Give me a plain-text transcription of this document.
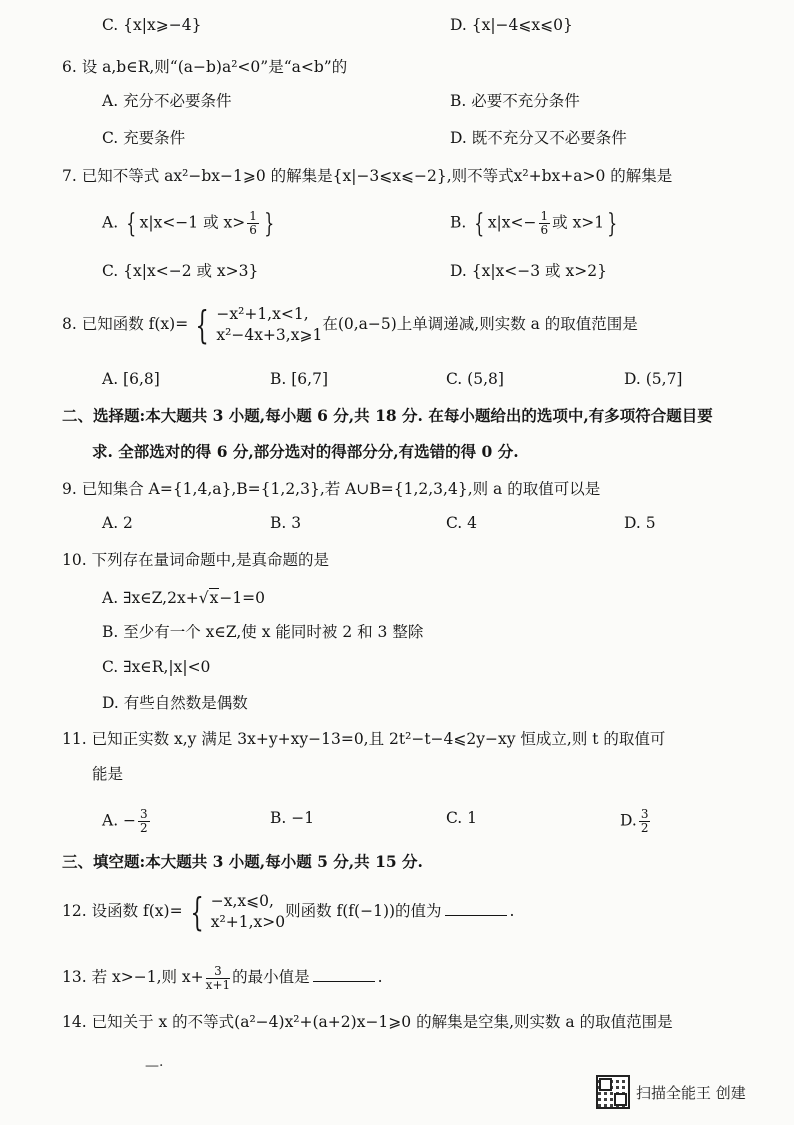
C. {x|x⩾−4}	D. {x|−4⩽x⩽0}
6. 设 a,b∈R,则“(a−b)a²<0”是“a<b”的
A. 充分不必要条件	B. 必要不充分条件
C. 充要条件	D. 既不充分又不必要条件
7. 已知不等式 ax²−bx−1⩾0 的解集是{x|−3⩽x⩽−2},则不等式x²+bx+a>0 的解集是
A. { x|x<−1 或 $x> \frac{1}{6}$ }	B. { $x|x<- \frac{1}{6}$ 或 x>1 }
C. {x|x<−2 或 x>3}	D. {x|x<−3 或 x>2}
8. 已知函数 f(x)= { −x²+1,x<1,
x²−4x+3,x⩾1
在(0,a−5)上单调递减,则实数 a 的取值范围是
A. [6,8]	B. [6,7]	C. (5,8]	D. (5,7]
二、选择题:本大题共 3 小题,每小题 6 分,共 18 分. 在每小题给出的选项中,有多项符合题目要
求. 全部选对的得 6 分,部分选对的得部分分,有选错的得 0 分.
9. 已知集合 A={1,4,a},B={1,2,3},若 A∪B={1,2,3,4},则 a 的取值可以是
A. 2	B. 3	C. 4	D. 5
10. 下列存在量词命题中,是真命题的是
A. ∃x∈Z,2x+√x−1=0
B. 至少有一个 x∈Z,使 x 能同时被 2 和 3 整除
C. ∃x∈R,|x|<0
D. 有些自然数是偶数
11. 已知正实数 x,y 满足 3x+y+xy−13=0,且 2t²−t−4⩽2y−xy 恒成立,则 t 的取值可
能是
A. − $\frac{3}{2}$	B. −1	C. 1	D. $\frac{3}{2}$
三、填空题:本大题共 3 小题,每小题 5 分,共 15 分.
12. 设函数 f(x)= { −x,x⩽0,
x²+1,x>0
则函数 f(f(−1))的值为	.
13. 若 x>−1,则 $x+ \frac{3}{x+1}$ 的最小值是	.
14. 已知关于 x 的不等式(a²−4)x²+(a+2)x−1⩾0 的解集是空集,则实数 a 的取值范围是
—·
扫描全能王 创建
